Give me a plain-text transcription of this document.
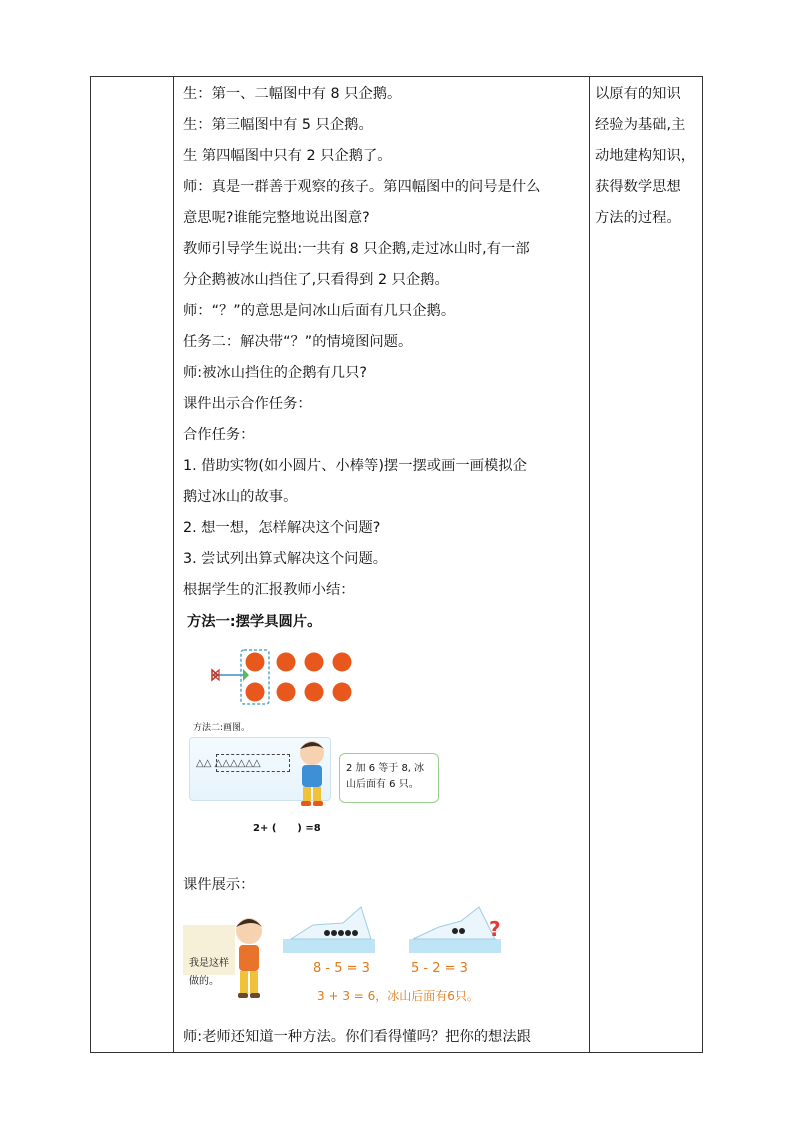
生：第一、二幅图中有 8 只企鹅。
生：第三幅图中有 5 只企鹅。
生 第四幅图中只有 2 只企鹅了。
师：真是一群善于观察的孩子。第四幅图中的问号是什么
意思呢?谁能完整地说出图意?
教师引导学生说出:一共有 8 只企鹅,走过冰山时,有一部
分企鹅被冰山挡住了,只看得到 2 只企鹅。
师：“？”的意思是问冰山后面有几只企鹅。
任务二：解决带“？”的情境图问题。
师:被冰山挡住的企鹅有几只?
课件出示合作任务：
合作任务：
1. 借助实物(如小圆片、小棒等)摆一摆或画一画模拟企
鹅过冰山的故事。
2. 想一想，怎样解决这个问题?
3. 尝试列出算式解决这个问题。
根据学生的汇报教师小结：
方法一:摆学具圆片。
方法二:画图。
△△ △△△△△△	2 加 6 等于 8, 冰
山后面有 6 只。
2+ (      ) =8
课件展示：
我是这样
做的。
?
8 - 5 = 3	5 - 2 = 3
3 + 3 = 6，冰山后面有6只。
师:老师还知道一种方法。你们看得懂吗？把你的想法跟
以原有的知识
经验为基础,主
动地建构知识，
获得数学思想
方法的过程。
